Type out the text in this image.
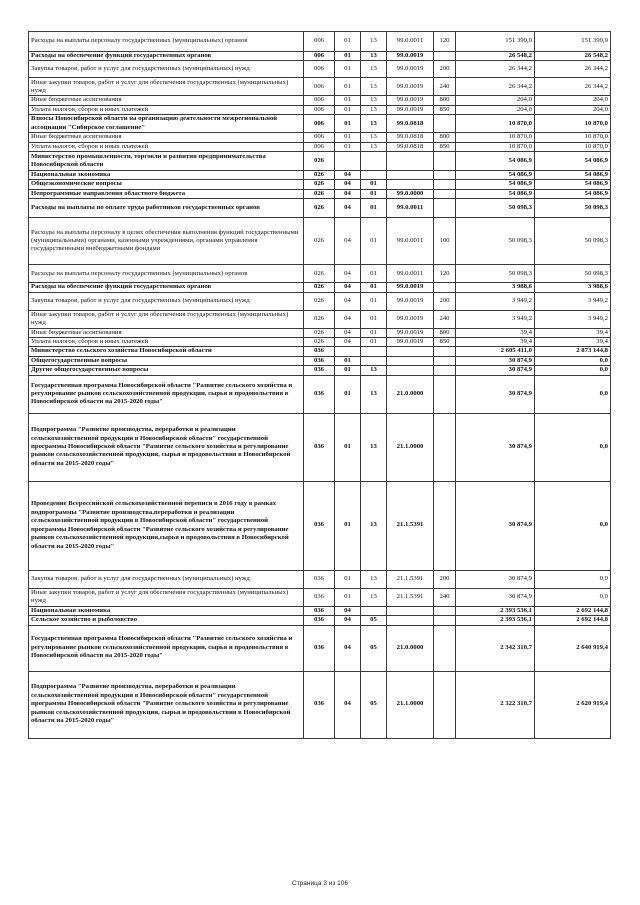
Расходы на выплаты персоналу государственных (муниципальных) органов	006	01	13	99.0.0011	120	151 399,9	151 399,9
Расходы на обеспечение функций государственных органов	006	01	13	99.0.0019		26 548,2	26 548,2
Закупка товаров, работ и услуг для государственных (муниципальных) нужд	006	01	13	99.0.0019	200	26 344,2	26 344,2
Иные закупки товаров, работ и услуг для обеспечения государственных (муниципальных) нужд	006	01	13	99.0.0019	240	26 344,2	26 344,2
Иные бюджетные ассигнования	006	01	13	99.0.0019	800	204,0	204,0
Уплата налогов, сборов и иных платежей	006	01	13	99.0.0019	850	204,0	204,0
Взносы Новосибирской области на организацию деятельности межрегиональной ассоциации "Сибирское соглашение"	006	01	13	99.0.0818		10 870,0	10 870,0
Иные бюджетные ассигнования	006	01	13	99.0.0818	800	10 870,0	10 870,0
Уплата налогов, сборов и иных платежей	006	01	13	99.0.0818	850	10 870,0	10 870,0
Министерство промышленности, торговли и развития предпринимательства Новосибирской области	026					54 086,9	54 086,9
Национальная экономика	026	04				54 086,9	54 086,9
Общеэкономические вопросы	026	04	01			54 086,9	54 086,9
Непрограммные направления областного бюджета	026	04	01	99.0.0000		54 086,9	54 086,9
Расходы на выплаты по оплате труда работников государственных органов	026	04	01	99.0.0011		50 098,3	50 098,3
Расходы на выплаты персоналу в целях обеспечения выполнения функций государственными (муниципальными) органами, казенными учреждениями, органами управления государственными внебюджетными фондами	026	04	01	99.0.0011	100	50 098,3	50 098,3
Расходы на выплаты персоналу государственных (муниципальных) органов	026	04	01	99.0.0011	120	50 098,3	50 098,3
Расходы на обеспечение функций государственных органов	026	04	01	99.0.0019		3 988,6	3 988,6
Закупка товаров, работ и услуг для государственных (муниципальных) нужд	026	04	01	99.0.0019	200	3 949,2	3 949,2
Иные закупки товаров, работ и услуг для обеспечения государственных (муниципальных) нужд	026	04	01	99.0.0019	240	3 949,2	3 949,2
Иные бюджетные ассигнования	026	04	01	99.0.0019	800	39,4	39,4
Уплата налогов, сборов и иных платежей	026	04	01	99.0.0019	850	39,4	39,4
Министерство сельского хозяйства Новосибирской области	036					2 605 411,0	2 873 144,8
Общегосударственные вопросы	036	01				30 874,9	0,0
Другие общегосударственные вопросы	036	01	13			30 874,9	0,0
Государственная программа Новосибирской области "Развитие сельского хозяйства и регулирование рынков сельскохозяйственной продукции, сырья и продовольствия в Новосибирской области на 2015-2020 годы"	036	01	13	21.0.0000		30 874,9	0,0
Подпрограмма "Развитие производства, переработки и реализации сельскохозяйственной продукции в Новосибирской области" государственной программы Новосибирской области "Развитие сельского хозяйства и регулирование рынков сельскохозяйственной продукции, сырья и продовольствия в Новосибирской области на 2015-2020 годы"	036	01	13	21.1.0000		30 874,9	0,0
Проведение Всероссийской сельскохозяйственной переписи в 2016 году в рамках подпрограммы "Развитие производства,переработки и реализации сельскохозяйственной продукции в Новосибирской области" государственной программы Новосибирской области "Развитие сельского хозяйства и регулирование рынков сельскохозяйственной продукции,сырья и продовольствия в Новосибирской области на 2015-2020 годы"	036	01	13	21.1.5391		30 874,9	0,0
Закупка товаров, работ и услуг для государственных (муниципальных) нужд	036	01	13	21.1.5391	200	30 874,9	0,0
Иные закупки товаров, работ и услуг для обеспечения государственных (муниципальных) нужд	036	01	13	21.1.5391	240	30 874,9	0,0
Национальная экономика	036	04				2 393 536,1	2 692 144,8
Сельское хозяйство и рыболовство	036	04	05			2 393 536,1	2 692 144,8
Государственная программа Новосибирской области "Развитие сельского хозяйства и регулирование рынков сельскохозяйственной продукции, сырья и продовольствия в Новосибирской области на 2015-2020 годы"	036	04	05	21.0.0000		2 342 310,7	2 640 919,4
Подпрограмма "Развитие производства, переработки и реализации сельскохозяйственной продукции в Новосибирской области" государственной программы Новосибирской области "Развитие сельского хозяйства и регулирование рынков сельскохозяйственной продукции, сырья и продовольствия в Новосибирской области на 2015-2020 годы"	036	04	05	21.1.0000		2 322 310,7	2 620 919,4
Страница 3 из 106
